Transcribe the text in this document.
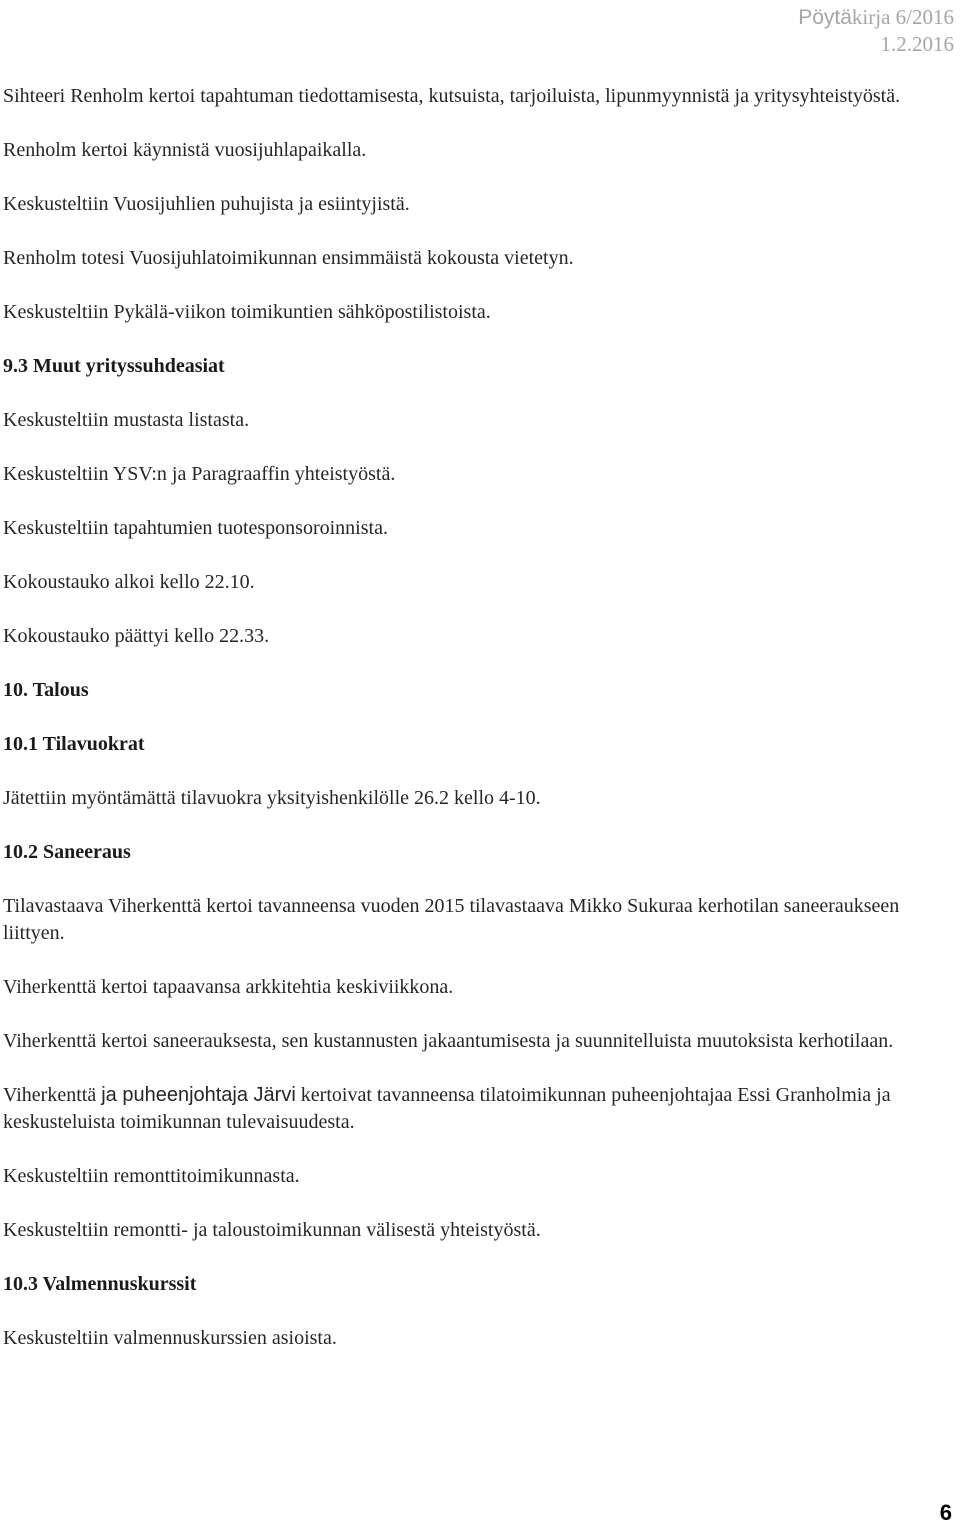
Pöytäkirja 6/2016
1.2.2016

Sihteeri Renholm kertoi tapahtuman tiedottamisesta, kutsuista, tarjoiluista, lipunmyynnistä ja yritysyhteistyöstä.

Renholm kertoi käynnistä vuosijuhlapaikalla.

Keskusteltiin Vuosijuhlien puhujista ja esiintyjistä.

Renholm totesi Vuosijuhlatoimikunnan ensimmäistä kokousta vietetyn.

Keskusteltiin Pykälä-viikon toimikuntien sähköpostilistoista.

9.3 Muut yrityssuhdeasiat

Keskusteltiin mustasta listasta.

Keskusteltiin YSV:n ja Paragraaffin yhteistyöstä.

Keskusteltiin tapahtumien tuotesponsoroinnista.

Kokoustauko alkoi kello 22.10.

Kokoustauko päättyi kello 22.33.

10. Talous

10.1 Tilavuokrat

Jätettiin myöntämättä tilavuokra yksityishenkilölle 26.2 kello 4-10.

10.2 Saneeraus

Tilavastaava Viherkenttä kertoi tavanneensa vuoden 2015 tilavastaava Mikko Sukuraa kerhotilan saneeraukseen liittyen.

Viherkenttä kertoi tapaavansa arkkitehtia keskiviikkona.

Viherkenttä kertoi saneerauksesta, sen kustannusten jakaantumisesta ja suunnitelluista muutoksista kerhotilaan.

Viherkenttä ja puheenjohtaja Järvi kertoivat tavanneensa tilatoimikunnan puheenjohtajaa Essi Granholmia ja keskusteluista toimikunnan tulevaisuudesta.

Keskusteltiin remonttitoimikunnasta.

Keskusteltiin remontti- ja taloustoimikunnan välisestä yhteistyöstä.

10.3 Valmennuskurssit

Keskusteltiin valmennuskurssien asioista.

6
